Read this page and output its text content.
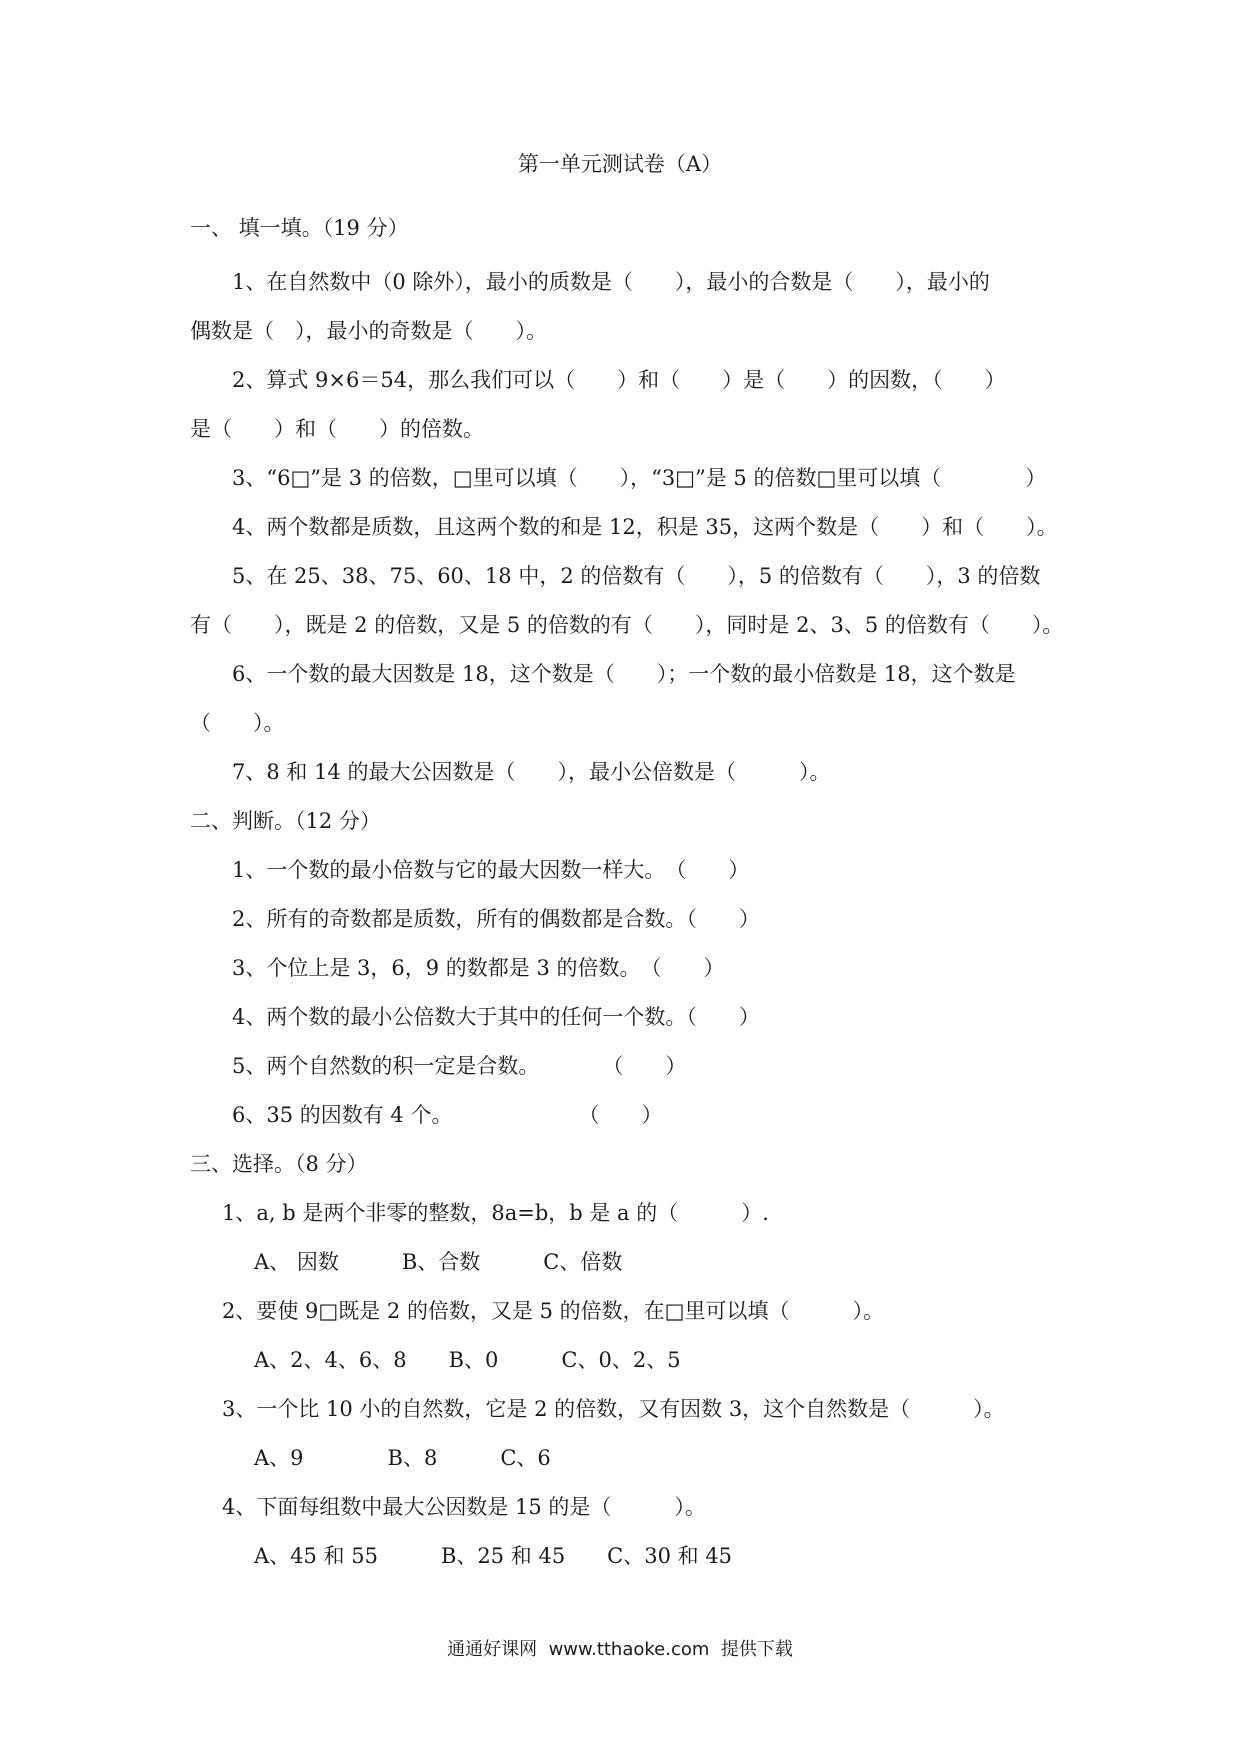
第一单元测试卷（A）
一、 填一填。（19 分）
1、在自然数中（0 除外），最小的质数是（　　），最小的合数是（　　），最小的
偶数是（　），最小的奇数是（　　）。
2、算式 9×6＝54，那么我们可以（　　）和（　　）是（　　）的因数，（　　）
是（　　）和（　　）的倍数。
3、“6□”是 3 的倍数，□里可以填（　　），“3□”是 5 的倍数□里可以填（　　　　）
4、两个数都是质数，且这两个数的和是 12，积是 35，这两个数是（　　）和（　　）。
5、在 25、38、75、60、18 中，2 的倍数有（　　），5 的倍数有（　　），3 的倍数
有（　　），既是 2 的倍数，又是 5 的倍数的有（　　），同时是 2、3、5 的倍数有（　　）。
6、一个数的最大因数是 18，这个数是（　　）；一个数的最小倍数是 18，这个数是
（　　）。
7、8 和 14 的最大公因数是（　　），最小公倍数是（　　　）。
二、判断。（12 分）
1、一个数的最小倍数与它的最大因数一样大。　（　　）
2、所有的奇数都是质数，所有的偶数都是合数。（　　）
3、个位上是 3，6，9 的数都是 3 的倍数。　（　　）
4、两个数的最小公倍数大于其中的任何一个数。（　　）
5、两个自然数的积一定是合数。　　　　（　　）
6、35 的因数有 4 个。　　　　　　　（　　）
三、选择。（8 分）
1、a, b 是两个非零的整数，8a=b，b 是 a 的（　　　）.
A、 因数　　　B、合数　　　C、倍数
2、要使 9□既是 2 的倍数，又是 5 的倍数，在□里可以填（　　　）。
A、2、4、6、8　　B、0　　　C、0、2、5
3、一个比 10 小的自然数，它是 2 的倍数，又有因数 3，这个自然数是（　　　）。
A、9　　　　B、8　　　C、6
4、下面每组数中最大公因数是 15 的是（　　　）。
A、45 和 55　　　B、25 和 45　　C、30 和 45
通通好课网  www.tthaoke.com  提供下载
